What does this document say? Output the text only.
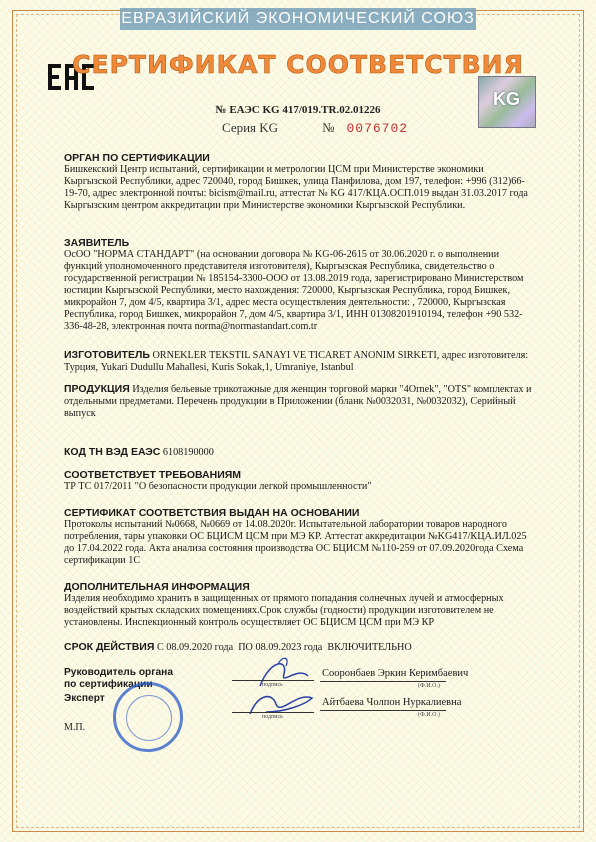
ЕВРАЗИЙСКИЙ ЭКОНОМИЧЕСКИЙ СОЮЗ
KG
СЕРТИФИКАТ СООТВЕТСТВИЯ
№ ЕАЭС KG 417/019.TR.02.01226
Серия KG	№ 0076702
ОРГАН ПО СЕРТИФИКАЦИИ
Бишкекский Центр испытаний, сертификации и метрологии ЦСМ при Министерстве экономики Кыргызской Республики, адрес 720040, город Бишкек, улица Панфилова, дом 197, телефон: +996 (312)66-19-70, адрес электронной почты: bicism@mail.ru, аттестат № KG 417/КЦА.ОСП.019 выдан 31.03.2017 года Кыргызским центром аккредитации при Министерстве экономики Кыргызской Республики.
ЗАЯВИТЕЛЬ
ОсОО "НОРМА СТАНДАРТ" (на основании договора № KG-06-2615 от 30.06.2020 г. о выполнении функций уполномоченного представителя изготовителя), Кыргызская Республика, свидетельство о государственной регистрации № 185154-3300-ООО от 13.08.2019 года, зарегистрировано Министерством юстиции Кыргызской Республики, место нахождения: 720000, Кыргызская Республика, город Бишкек, микрорайон 7, дом 4/5, квартира 3/1, адрес места осуществления деятельности: , 720000, Кыргызская Республика, город Бишкек, микрорайон 7, дом 4/5, квартира 3/1, ИНН 01308201910194, телефон +90 532-336-48-28, электронная почта norma@normastandart.com.tr
ИЗГОТОВИТЕЛЬ ORNEKLER TEKSTIL SANAYI VE TICARET ANONIM SIRKETI, адрес изготовителя: Турция, Yukari Dudullu Mahallesi, Kuris Sokak,1, Umraniye, Istanbul
ПРОДУКЦИЯ Изделия бельевые трикотажные для женщин торговой марки "4Ornek", "OTS" комплектах и отдельными предметами. Перечень продукции в Приложении (бланк №0032031, №0032032), Серийный выпуск
КОД ТН ВЭД ЕАЭС 6108190000
СООТВЕТСТВУЕТ ТРЕБОВАНИЯМ
ТР ТС 017/2011 "О безопасности продукции легкой промышленности"
СЕРТИФИКАТ СООТВЕТСТВИЯ ВЫДАН НА ОСНОВАНИИ
Протоколы испытаний №0668, №0669 от 14.08.2020г. Испытательной лаборатории товаров народного потребления, тары упаковки ОС БЦИСМ ЦСМ при МЭ КР. Аттестат аккредитации №KG417/КЦА.ИЛ.025 до 17.04.2022 года. Акта анализа состояния производства ОС БЦИСМ №110-259 от 07.09.2020года Схема сертификации 1С
ДОПОЛНИТЕЛЬНАЯ ИНФОРМАЦИЯ
Изделия необходимо хранить в защищенных от прямого попадания солнечных лучей и атмосферных воздействий крытых складских помещениях.Срок службы (годности) продукции изготовителем не установлены. Инспекционный контроль осуществляет ОС БЦИСМ ЦСМ при МЭ КР
СРОК ДЕЙСТВИЯ С 08.09.2020 года ПО 08.09.2023 года ВКЛЮЧИТЕЛЬНО
Руководитель органа по сертификации
Эксперт
М.П.
подпись
Сооронбаев Эркин Керимбаевич
(Ф.И.О.)
подпись
Айтбаева Чолпон Нуркалиевна
(Ф.И.О.)
